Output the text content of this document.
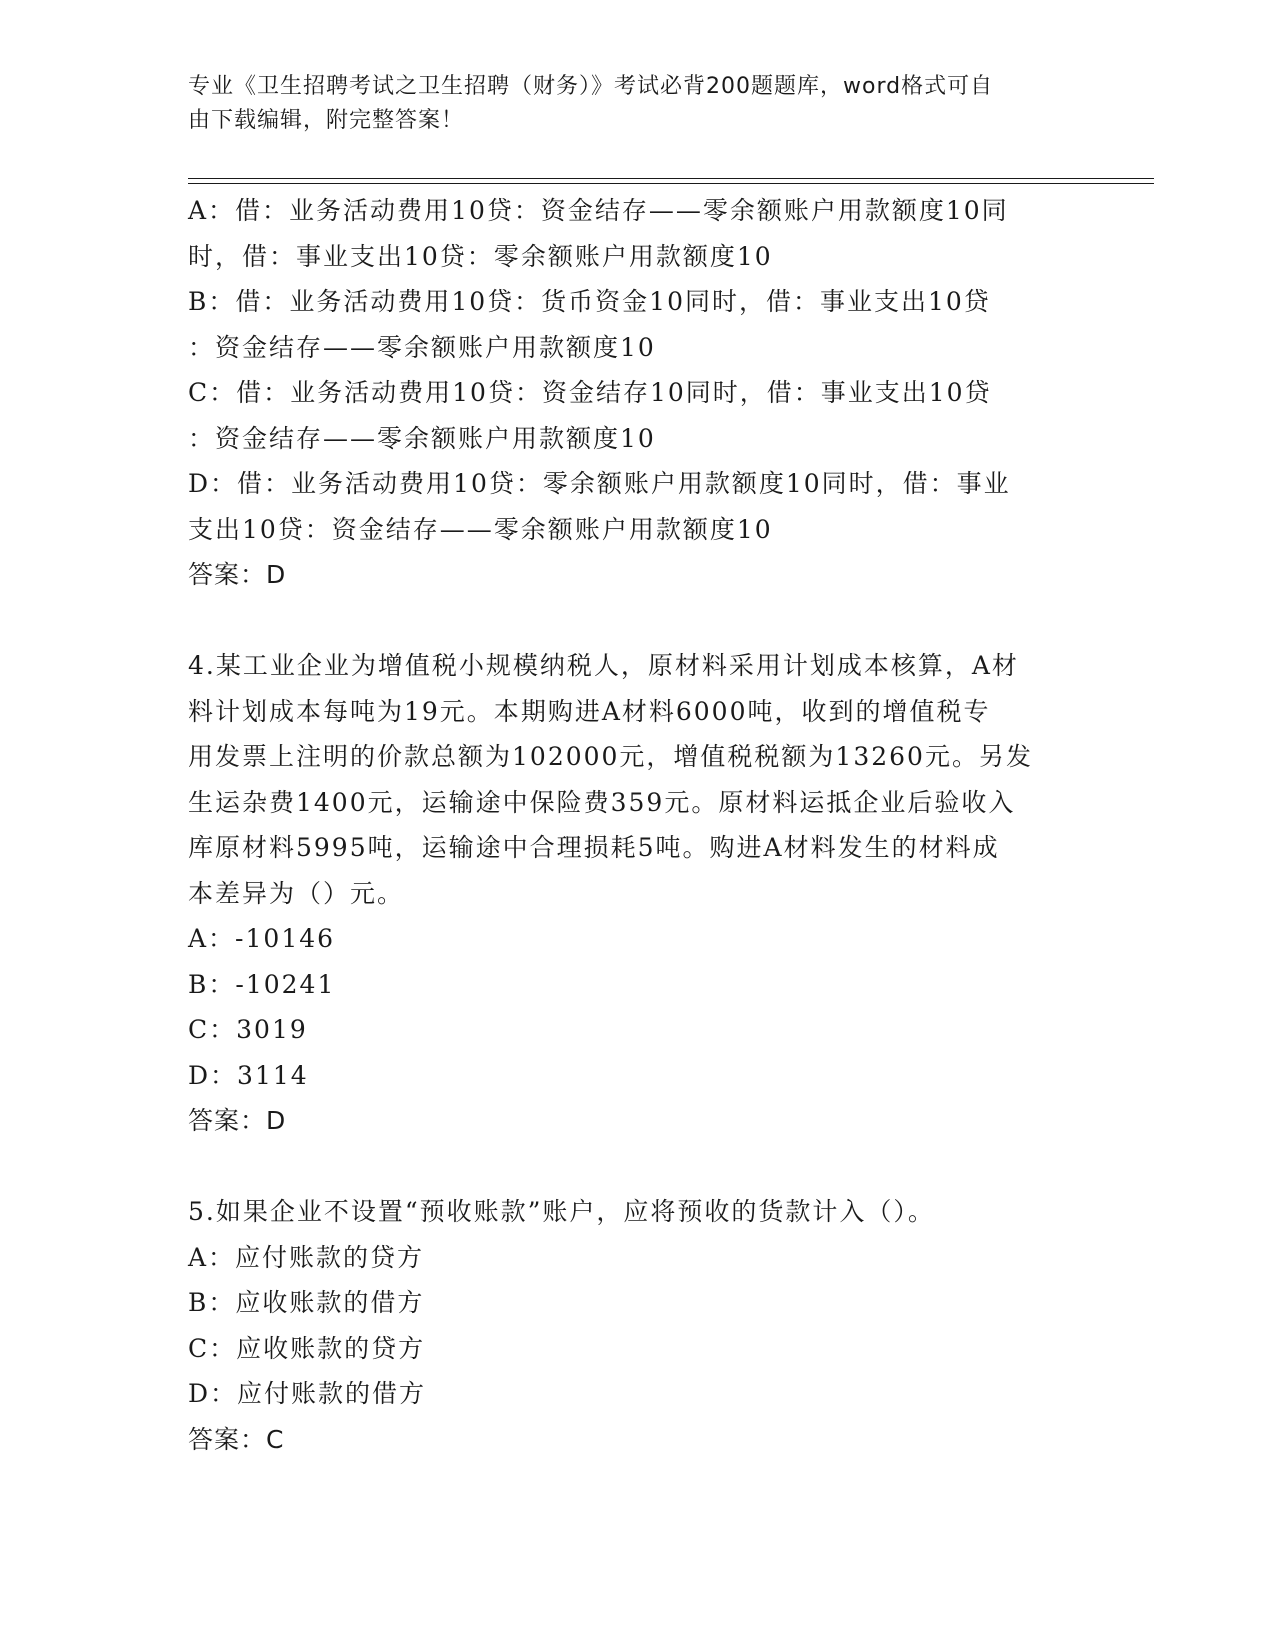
专业《卫生招聘考试之卫生招聘（财务）》考试必背200题题库，word格式可自
由下载编辑，附完整答案！
A：借：业务活动费用10贷：资金结存——零余额账户用款额度10同
时，借：事业支出10贷：零余额账户用款额度10
B：借：业务活动费用10贷：货币资金10同时，借：事业支出10贷
：资金结存——零余额账户用款额度10
C：借：业务活动费用10贷：资金结存10同时，借：事业支出10贷
：资金结存——零余额账户用款额度10
D：借：业务活动费用10贷：零余额账户用款额度10同时，借：事业
支出10贷：资金结存——零余额账户用款额度10
答案：D
4.某工业企业为增值税小规模纳税人，原材料采用计划成本核算，A材
料计划成本每吨为19元。本期购进A材料6000吨，收到的增值税专
用发票上注明的价款总额为102000元，增值税税额为13260元。另发
生运杂费1400元，运输途中保险费359元。原材料运抵企业后验收入
库原材料5995吨，运输途中合理损耗5吨。购进A材料发生的材料成
本差异为（）元。
A：-10146
B：-10241
C：3019
D：3114
答案：D
5.如果企业不设置“预收账款”账户，应将预收的货款计入（）。
A：应付账款的贷方
B：应收账款的借方
C：应收账款的贷方
D：应付账款的借方
答案：C
